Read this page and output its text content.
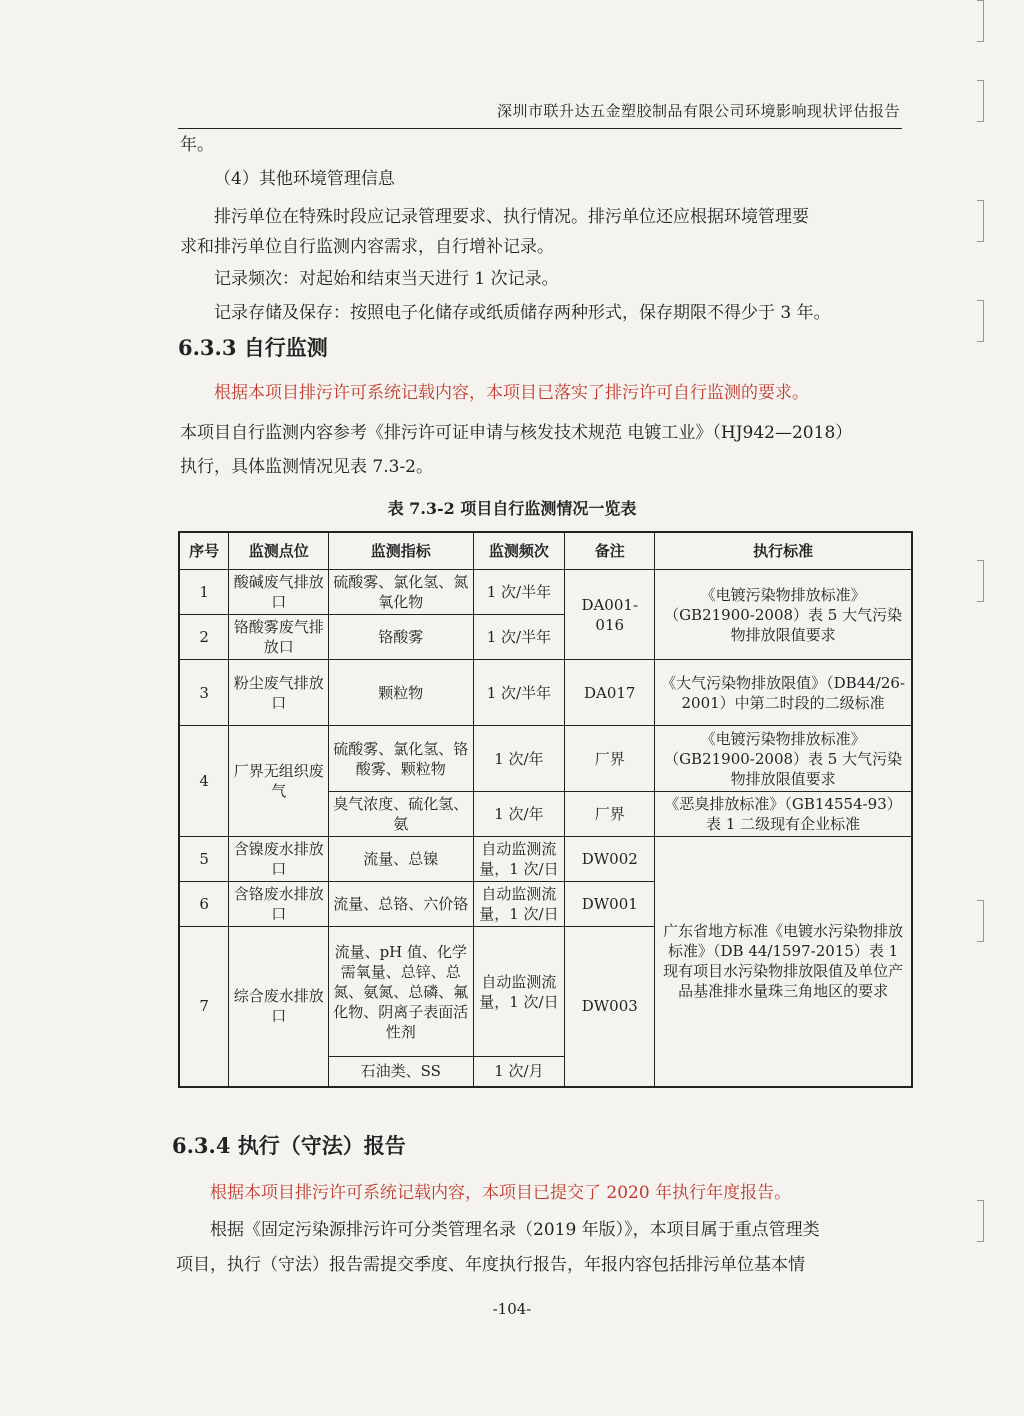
深圳市联升达五金塑胶制品有限公司环境影响现状评估报告
年。
（4）其他环境管理信息
排污单位在特殊时段应记录管理要求、执行情况。排污单位还应根据环境管理要
求和排污单位自行监测内容需求，自行增补记录。
记录频次：对起始和结束当天进行 1 次记录。
记录存储及保存：按照电子化储存或纸质储存两种形式，保存期限不得少于 3 年。
6.3.3 自行监测
根据本项目排污许可系统记载内容，本项目已落实了排污许可自行监测的要求。
本项目自行监测内容参考《排污许可证申请与核发技术规范 电镀工业》（HJ942—2018）
执行，具体监测情况见表 7.3-2。
表 7.3-2 项目自行监测情况一览表
序号	监测点位	监测指标	监测频次	备注	执行标准
1	酸碱废气排放口	硫酸雾、氯化氢、氮氧化物	1 次/半年	DA001-016	《电镀污染物排放标准》（GB21900-2008）表 5 大气污染物排放限值要求
2	铬酸雾废气排放口	铬酸雾	1 次/半年		
3	粉尘废气排放口	颗粒物	1 次/半年	DA017	《大气污染物排放限值》（DB44/26-2001）中第二时段的二级标准
4	厂界无组织废气	硫酸雾、氯化氢、铬酸雾、颗粒物	1 次/年	厂界	《电镀污染物排放标准》（GB21900-2008）表 5 大气污染物排放限值要求
		臭气浓度、硫化氢、氨	1 次/年	厂界	《恶臭排放标准》（GB14554-93）表 1 二级现有企业标准
5	含镍废水排放口	流量、总镍	自动监测流量，1 次/日	DW002	广东省地方标准《电镀水污染物排放标准》（DB 44/1597-2015）表 1 现有项目水污染物排放限值及单位产品基准排水量珠三角地区的要求
6	含铬废水排放口	流量、总铬、六价铬	自动监测流量，1 次/日	DW001	
7	综合废水排放口	流量、pH 值、化学需氧量、总锌、总氮、氨氮、总磷、氟化物、阴离子表面活性剂	自动监测流量，1 次/日	DW003	
		石油类、SS	1 次/月		
6.3.4 执行（守法）报告
根据本项目排污许可系统记载内容，本项目已提交了 2020 年执行年度报告。
根据《固定污染源排污许可分类管理名录（2019 年版）》，本项目属于重点管理类
项目，执行（守法）报告需提交季度、年度执行报告，年报内容包括排污单位基本情
-104-
